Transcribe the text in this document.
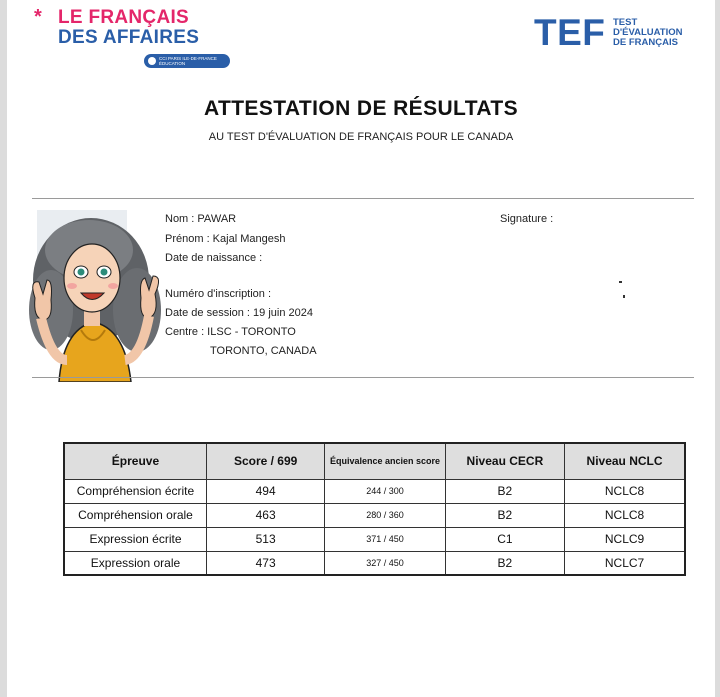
* LE FRANÇAIS
DES AFFAIRES
CCI PARIS ILE-DE-FRANCE ÉDUCATION
TEF TEST
D'ÉVALUATION
DE FRANÇAIS
ATTESTATION DE RÉSULTATS
AU TEST D'ÉVALUATION DE FRANÇAIS POUR LE CANADA
Nom : PAWAR
Prénom : Kajal Mangesh
Date de naissance :
Signature :
Numéro d'inscription :
Date de session : 19 juin 2024
Centre : ILSC - TORONTO
TORONTO, CANADA
Épreuve	Score / 699	Équivalence ancien score	Niveau CECR	Niveau NCLC
Compréhension écrite	494	244 / 300	B2	NCLC8
Compréhension orale	463	280 / 360	B2	NCLC8
Expression écrite	513	371 / 450	C1	NCLC9
Expression orale	473	327 / 450	B2	NCLC7
